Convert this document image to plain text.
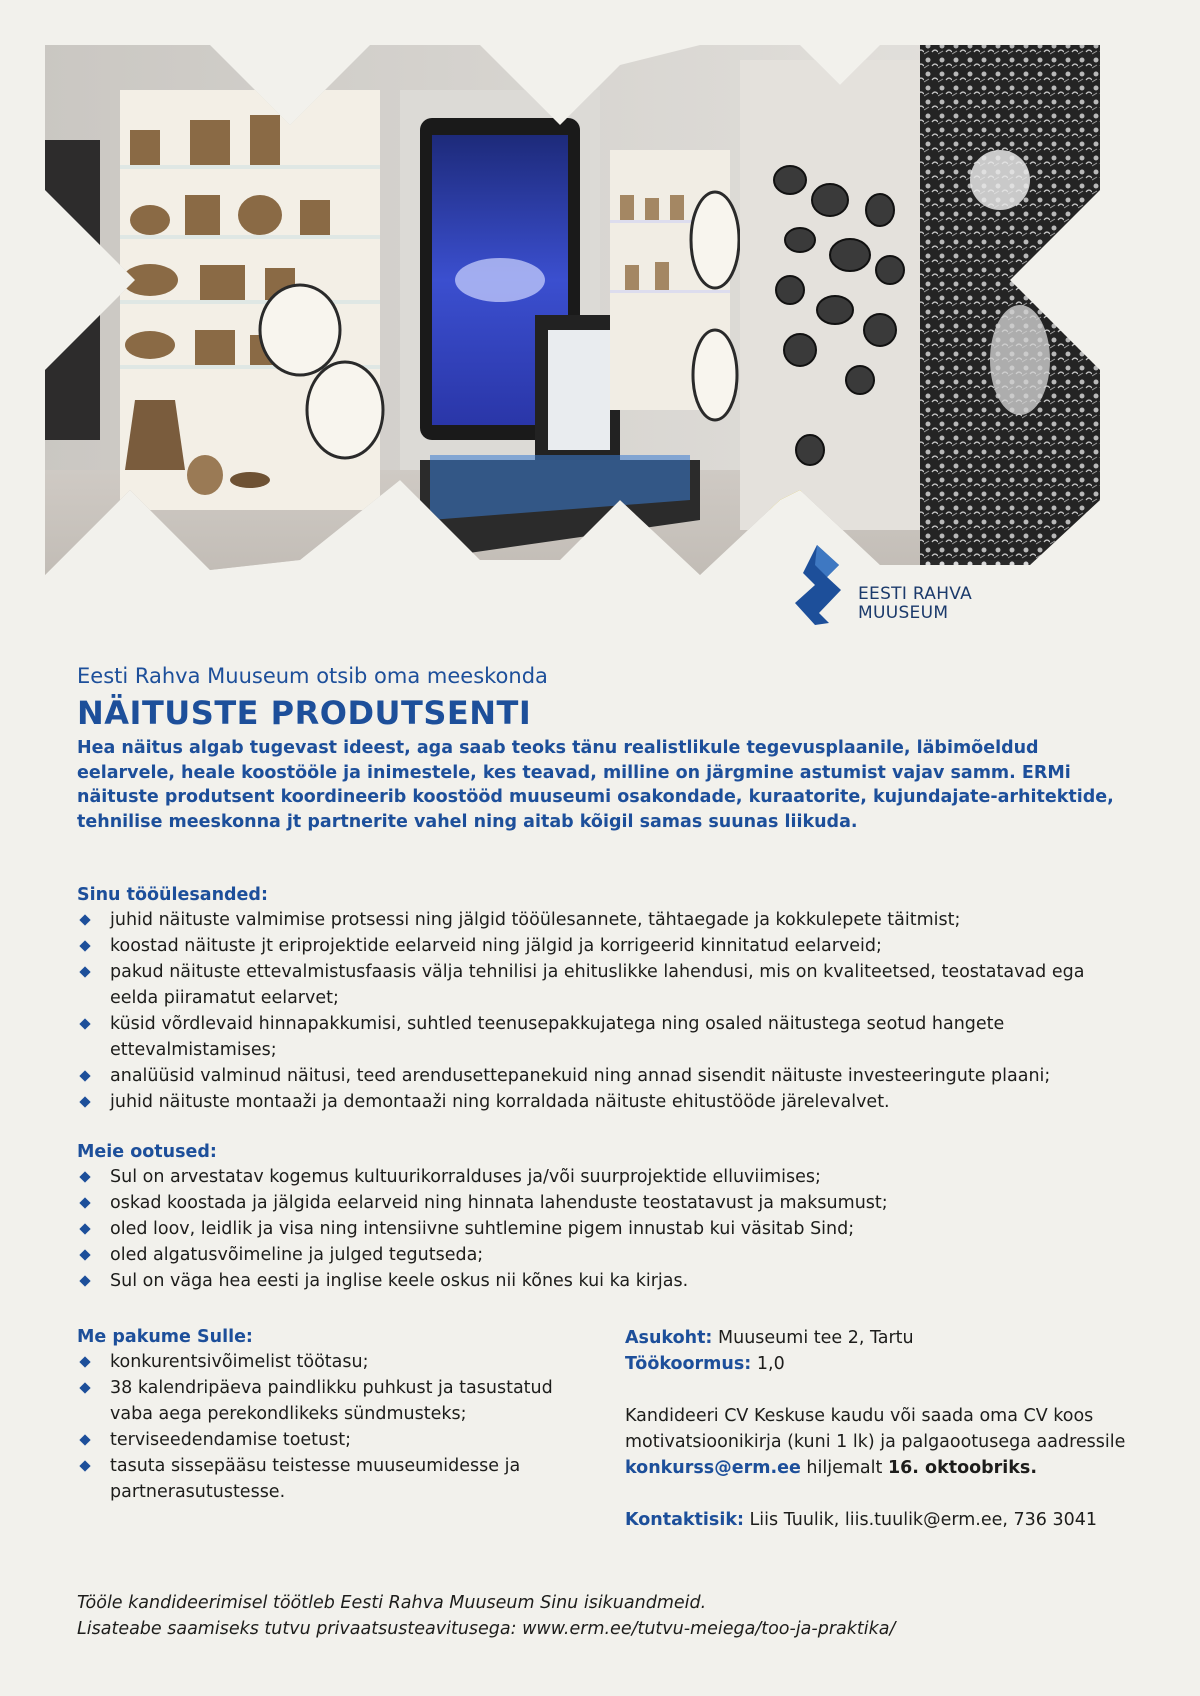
EESTI RAHVA
MUUSEUM
Eesti Rahva Muuseum otsib oma meeskonda
NÄITUSTE PRODUTSENTI
Hea näitus algab tugevast ideest, aga saab teoks tänu realistlikule tegevusplaanile, läbimõeldud eelarvele, heale koostööle ja inimestele, kes teavad, milline on järgmine astumist vajav samm. ERMi näituste produtsent koordineerib koostööd muuseumi osakondade, kuraatorite, kujundajate-arhitektide, tehnilise meeskonna jt partnerite vahel ning aitab kõigil samas suunas liikuda.
Sinu tööülesanded:
juhid näituste valmimise protsessi ning jälgid tööülesannete, tähtaegade ja kokkulepete täitmist;
koostad näituste jt eriprojektide eelarveid ning jälgid ja korrigeerid kinnitatud eelarveid;
pakud näituste ettevalmistusfaasis välja tehnilisi ja ehituslikke lahendusi, mis on kvaliteetsed, teostatavad ega eelda piiramatut eelarvet;
küsid võrdlevaid hinnapakkumisi, suhtled teenusepakkujatega ning osaled näitustega seotud hangete ettevalmistamises;
analüüsid valminud näitusi, teed arendusettepanekuid ning annad sisendit näituste investeeringute plaani;
juhid näituste montaaži ja demontaaži ning korraldada näituste ehitustööde järelevalvet.
Meie ootused:
Sul on arvestatav kogemus kultuurikorralduses ja/või suurprojektide elluviimises;
oskad koostada ja jälgida eelarveid ning hinnata lahenduste teostatavust ja maksumust;
oled loov, leidlik ja visa ning intensiivne suhtlemine pigem innustab kui väsitab Sind;
oled algatusvõimeline ja julged tegutseda;
Sul on väga hea eesti ja inglise keele oskus nii kõnes kui ka kirjas.
Me pakume Sulle:
konkurentsivõimelist töötasu;
38 kalendripäeva paindlikku puhkust ja tasustatud vaba aega perekondlikeks sündmusteks;
terviseedendamise toetust;
tasuta sissepääsu teistesse muuseumidesse ja partnerasutustesse.
Asukoht: Muuseumi tee 2, Tartu
Töökoormus: 1,0
Kandideeri CV Keskuse kaudu või saada oma CV koos motivatsioonikirja (kuni 1 lk) ja palgaootusega aadressile konkurss@erm.ee hiljemalt 16. oktoobriks.
Kontaktisik: Liis Tuulik, liis.tuulik@erm.ee, 736 3041
Tööle kandideerimisel töötleb Eesti Rahva Muuseum Sinu isikuandmeid.
Lisateabe saamiseks tutvu privaatsusteavitusega: www.erm.ee/tutvu-meiega/too-ja-praktika/
